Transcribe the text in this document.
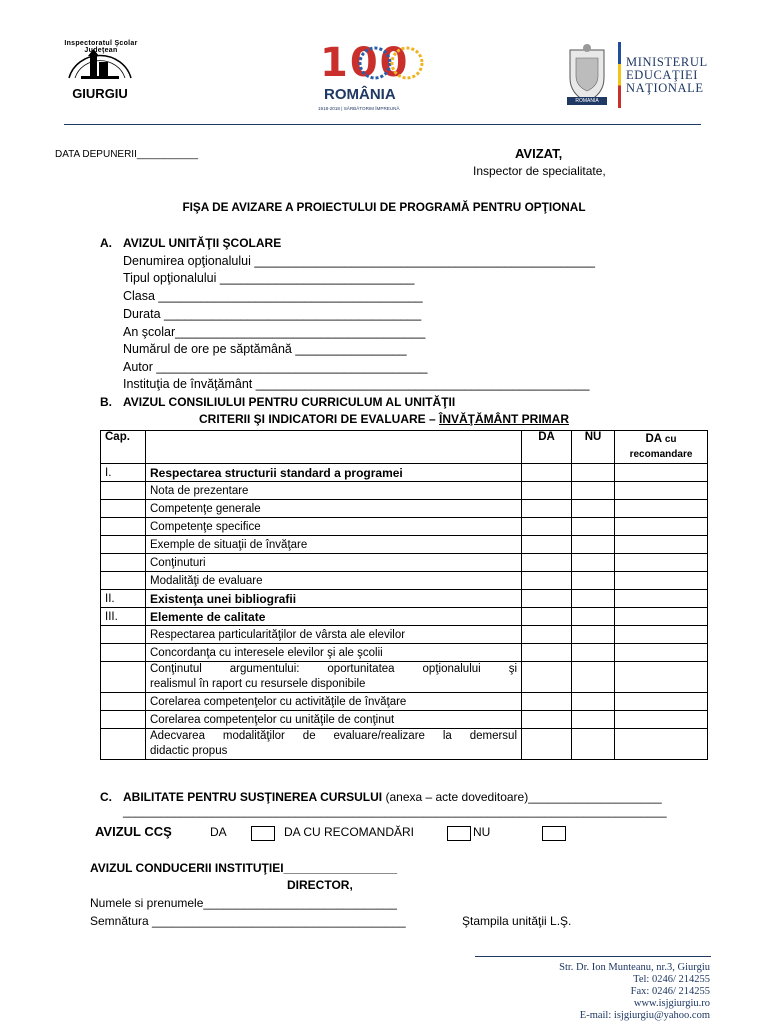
Inspectoratul Şcolar Judeţean
GIURGIU
100
ROMÂNIA
1918-2018 | SĂRBĂTORIM ÎMPREUNĂ
ROMANIA
MINISTERUL
EDUCAŢIEI
NAŢIONALE
DATA DEPUNERII___________	AVIZAT,
Inspector de specialitate,
FIŞA DE AVIZARE A PROIECTULUI DE PROGRAMĂ PENTRU OPŢIONAL
A. AVIZUL UNITĂŢII ŞCOLARE
Denumirea opţionalului _________________________________________________
Tipul opţionalului ____________________________
Clasa ______________________________________
Durata _____________________________________
An şcolar____________________________________
Numărul de ore pe săptămână ________________
Autor _______________________________________
Instituţia de învăţământ ________________________________________________
B. AVIZUL CONSILIULUI PENTRU CURRICULUM AL UNITĂŢII
CRITERII ŞI INDICATORI DE EVALUARE – ÎNVĂŢĂMÂNT PRIMAR
Cap.		DA	NU	DA cu
recomandare
I.	Respectarea structurii standard a programei			
	Nota de prezentare			
	Competenţe generale			
	Competenţe specifice			
	Exemple de situaţii de învăţare			
	Conţinuturi			
	Modalităţi de evaluare			
II.	Existenţa unei bibliografii			
III.	Elemente de calitate			
	Respectarea particularităţilor de vârsta ale elevilor			
	Concordanţa cu interesele elevilor şi ale şcolii			

	Conţinutul argumentului: oportunitatea opţionalului şi
realismul în raport cu resursele disponibile			

	Corelarea competenţelor cu activităţile de învăţare			
	Corelarea competenţelor cu unităţile de conţinut			

	Adecvarea modalităţilor de evaluare/realizare la demersul
didactic propus			

C. ABILITATE PENTRU SUSŢINEREA CURSULUI (anexa – acte doveditoare)____________________
_____________________________________________________________________________________
AVIZUL CCŞ	DA	DA CU RECOMANDĂRI	NU
AVIZUL CONDUCERII INSTITUŢIEI_________________
DIRECTOR,
Numele si prenumele_____________________________
Semnătura ______________________________________	Ştampila unităţii L.Ş.
Str. Dr. Ion Munteanu, nr.3, Giurgiu
Tel: 0246/ 214255
Fax: 0246/ 214255
www.isjgiurgiu.ro
E-mail: isjgiurgiu@yahoo.com
